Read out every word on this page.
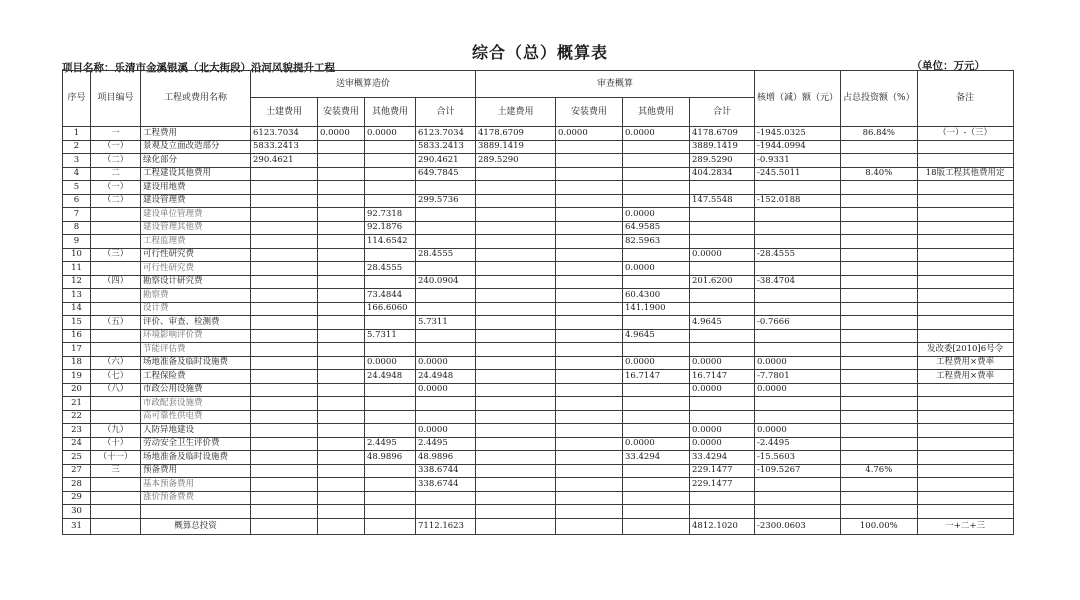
综合（总）概算表
项目名称：乐清市金溪银溪（北大街段）沿河风貌提升工程	（单位：万元）
序号	项目编号	工程或费用名称	送审概算造价				审查概算				核增（减）额（元）	占总投资额（%）	备注
			土建费用	安装费用	其他费用	合计	土建费用	安装费用	其他费用	合计			
1	一	工程费用	6123.7034	0.0000	0.0000	6123.7034	4178.6709	0.0000	0.0000	4178.6709	-1945.0325	86.84%	（一）-（三）
2	（一）	景观及立面改造部分	5833.2413			5833.2413	3889.1419			3889.1419	-1944.0994		
3	（二）	绿化部分	290.4621			290.4621	289.5290			289.5290	-0.9331		
4	二	工程建设其他费用				649.7845				404.2834	-245.5011	8.40%	18版工程其他费用定
5	（一）	建设用地费											
6	（二）	建设管理费				299.5736				147.5548	-152.0188		
7		建设单位管理费			92.7318				0.0000				
8		建设管理其他费			92.1876				64.9585				
9		工程监理费			114.6542				82.5963				
10	（三）	可行性研究费				28.4555				0.0000	-28.4555		
11		可行性研究费			28.4555				0.0000				
12	（四）	勘察设计研究费				240.0904				201.6200	-38.4704		
13		勘察费			73.4844				60.4300				
14		设计费			166.6060				141.1900				
15	（五）	评价、审查、检测费				5.7311				4.9645	-0.7666		
16		环境影响评价费			5.7311				4.9645				
17		节能评估费											发改委[2010]6号令
18	（六）	场地准备及临时设施费			0.0000	0.0000			0.0000	0.0000	0.0000		工程费用×费率
19	（七）	工程保险费			24.4948	24.4948			16.7147	16.7147	-7.7801		工程费用×费率
20	（八）	市政公用设施费				0.0000				0.0000	0.0000		
21		市政配套设施费											
22		高可靠性供电费											
23	（九）	人防异地建设				0.0000				0.0000	0.0000		
24	（十）	劳动安全卫生评价费			2.4495	2.4495			0.0000	0.0000	-2.4495		
25	（十一）	场地准备及临时设施费			48.9896	48.9896			33.4294	33.4294	-15.5603		
27	三	预备费用				338.6744				229.1477	-109.5267	4.76%	
28		基本预备费用				338.6744				229.1477			
29		涨价预备费费											
30													
31		概算总投资				7112.1623				4812.1020	-2300.0603	100.00%	一+二+三
